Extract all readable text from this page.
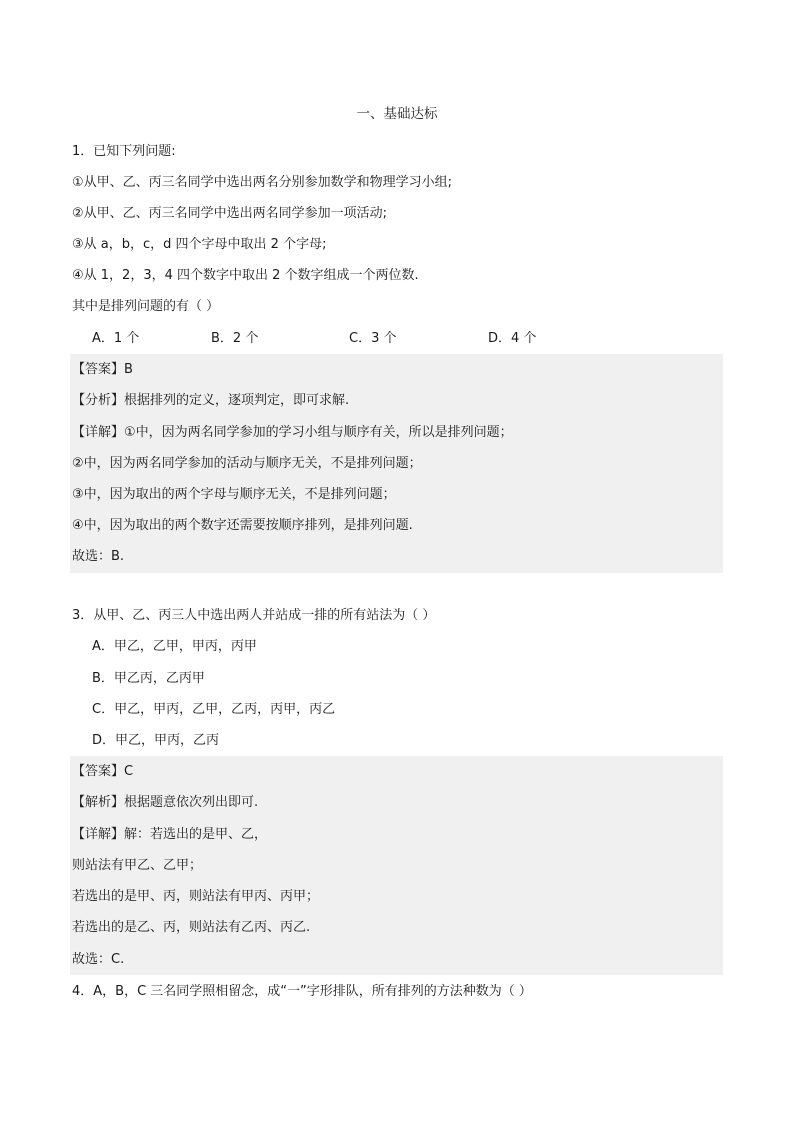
一、基础达标
1．已知下列问题:
①从甲、乙、丙三名同学中选出两名分别参加数学和物理学习小组;
②从甲、乙、丙三名同学中选出两名同学参加一项活动;
③从 a，b，c，d 四个字母中取出 2 个字母;
④从 1，2，3，4 四个数字中取出 2 个数字组成一个两位数.
其中是排列问题的有（ ）
A．1 个	B．2 个	C．3 个	D．4 个
【答案】B
【分析】根据排列的定义，逐项判定，即可求解.
【详解】①中，因为两名同学参加的学习小组与顺序有关，所以是排列问题；
②中，因为两名同学参加的活动与顺序无关，不是排列问题；
③中，因为取出的两个字母与顺序无关，不是排列问题；
④中，因为取出的两个数字还需要按顺序排列，是排列问题.
故选：B.
3．从甲、乙、丙三人中选出两人并站成一排的所有站法为（ ）
A．甲乙，乙甲，甲丙，丙甲
B．甲乙丙，乙丙甲
C．甲乙，甲丙，乙甲，乙丙，丙甲，丙乙
D．甲乙，甲丙，乙丙
【答案】C
【解析】根据题意依次列出即可.
【详解】解：若选出的是甲、乙，
则站法有甲乙、乙甲；
若选出的是甲、丙，则站法有甲丙、丙甲；
若选出的是乙、丙，则站法有乙丙、丙乙.
故选：C.
4．A，B，C 三名同学照相留念，成“一”字形排队，所有排列的方法种数为（ ）
